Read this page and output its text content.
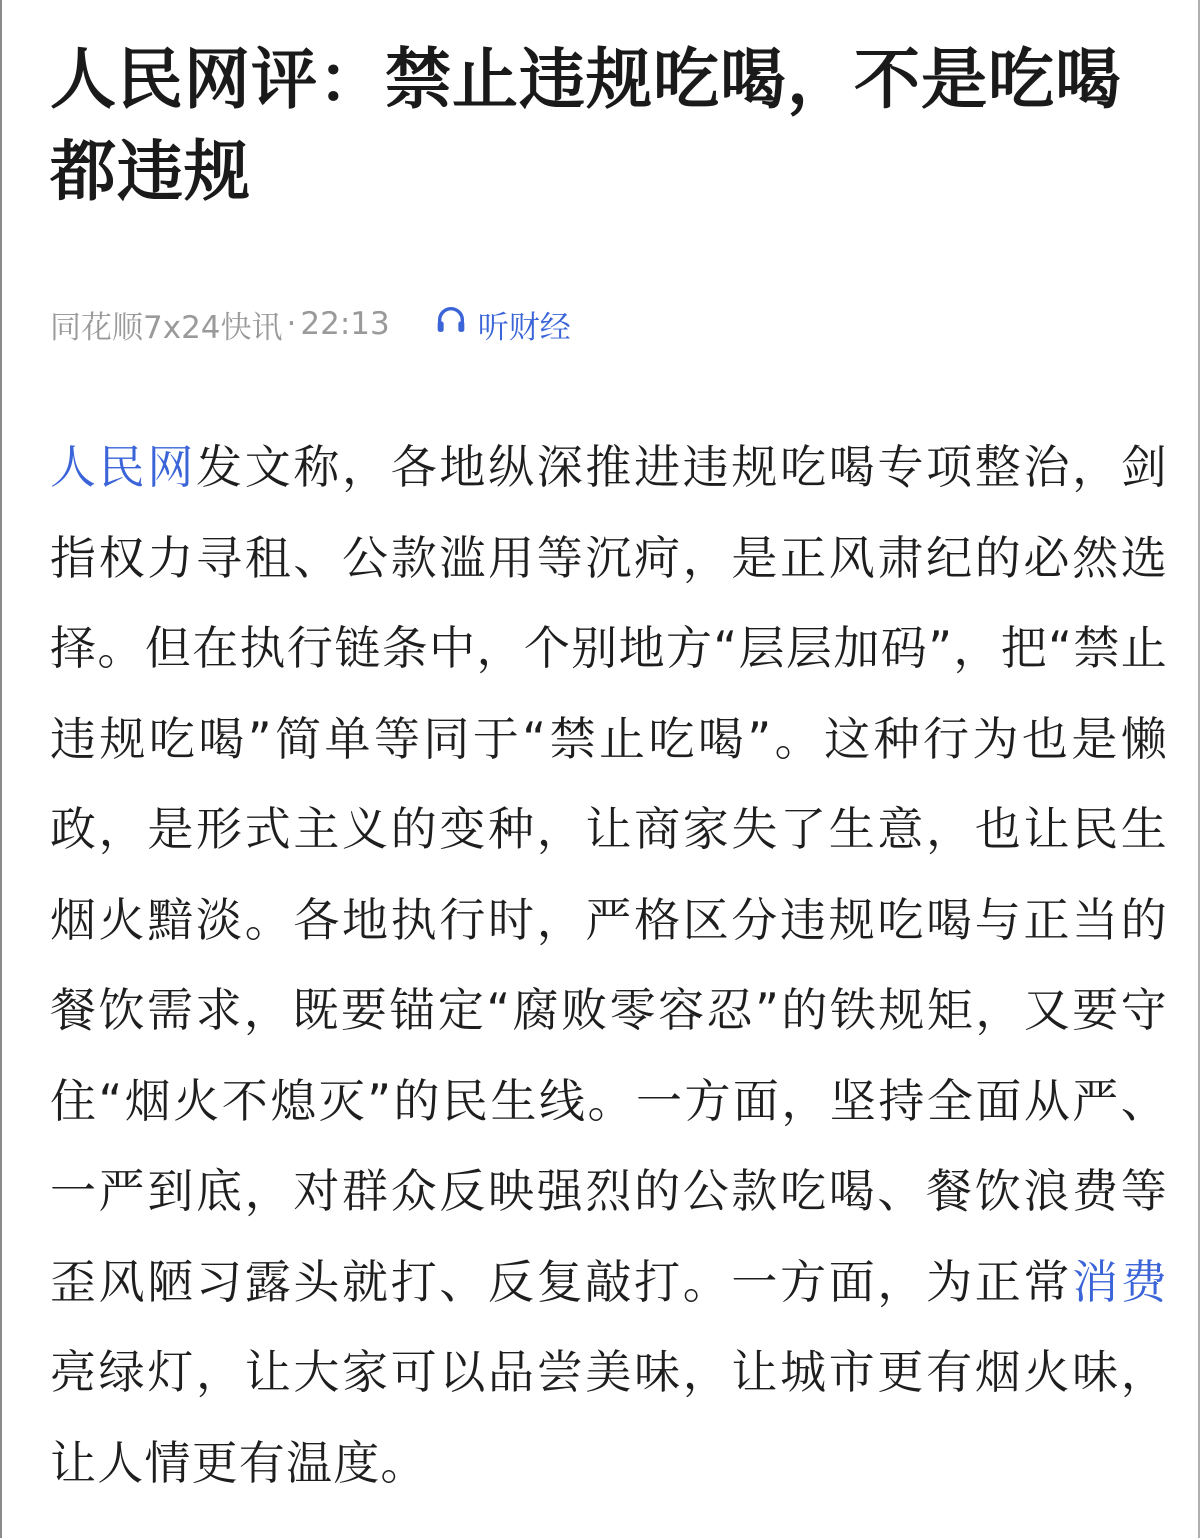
人民网评：禁止违规吃喝，不是吃喝都违规
同花顺7x24快讯 · 22:13	听财经

人民网发文称，各地纵深推进违规吃喝专项整治，剑指权力寻租、公款滥用等沉疴，是正风肃纪的必然选择。但在执行链条中，个别地方“层层加码”，把“禁止违规吃喝”简单等同于“禁止吃喝”。这种行为也是懒政，是形式主义的变种，让商家失了生意，也让民生烟火黯淡。各地执行时，严格区分违规吃喝与正当的餐饮需求，既要锚定“腐败零容忍”的铁规矩，又要守住“烟火不熄灭”的民生线。一方面，坚持全面从严、一严到底，对群众反映强烈的公款吃喝、餐饮浪费等歪风陋习露头就打、反复敲打。一方面，为正常消费亮绿灯，让大家可以品尝美味，让城市更有烟火味，让人情更有温度。
